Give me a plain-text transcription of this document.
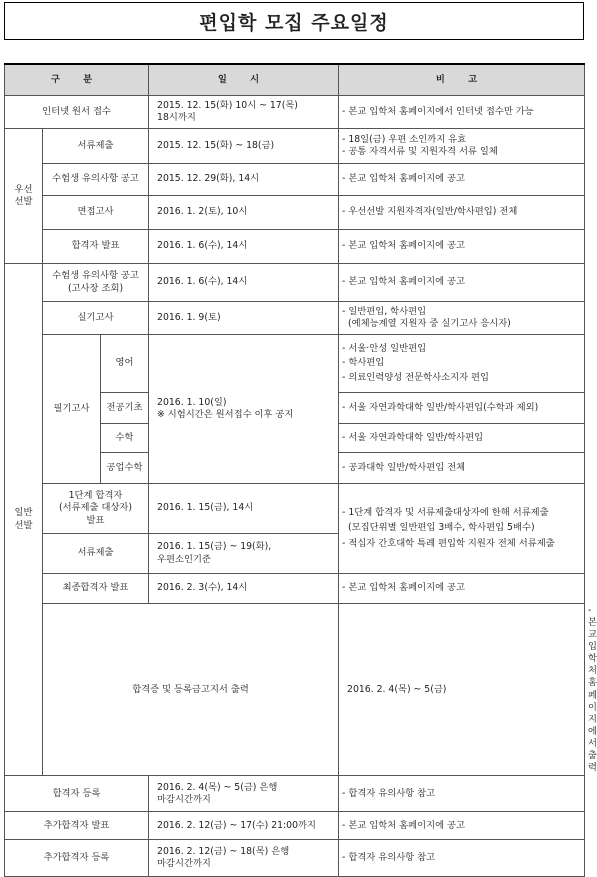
편입학 모집 주요일정
구 분			일 시	비 고	
인터넷 원서 접수			2015. 12. 15(화) 10시 ~ 17(목)
18시까지	- 본교 입학처 홈페이지에서 인터넷 접수만 가능	

우선
선발	서류제출		2015. 12. 15(화) ~ 18(금)	- 18일(금) 우편 소인까지 유효
- 공통 자격서류 및 지원자격 서류 일체	

	수험생 유의사항 공고		2015. 12. 29(화), 14시	- 본교 입학처 홈페이지에 공고	
	면접고사		2016. 1. 2(토), 10시	- 우선선발 지원자격자(일반/학사편입) 전체	
	합격자 발표		2016. 1. 6(수), 14시	- 본교 입학처 홈페이지에 공고	

일반
선발	수험생 유의사항 공고
(고사장 조회)		2016. 1. 6(수), 14시	- 본교 입학처 홈페이지에 공고	
	실기고사		2016. 1. 9(토)	- 일반편입, 학사편입
(예체능계열 지원자 중 실기고사 응시자)	

	필기고사	영어	2016. 1. 10(일)
※ 시험시간은 원서접수 이후 공지	- 서울·안성 일반편입
- 학사편입
- 의료인력양성 전문학사소지자 편입	

		전공기초		- 서울 자연과학대학 일반/학사편입(수학과 제외)	
		수학		- 서울 자연과학대학 일반/학사편입	
		공업수학		- 공과대학 일반/학사편입 전체	

	1단계 합격자
(서류제출 대상자)
발표		2016. 1. 15(금), 14시	- 1단계 합격자 및 서류제출대상자에 한해 서류제출
(모집단위별 일반편입 3배수, 학사편입 5배수)
- 적십자 간호대학 특례 편입학 지원자 전체 서류제출	

	서류제출		2016. 1. 15(금) ~ 19(화),
우편소인기준		

	최종합격자 발표		2016. 2. 3(수), 14시	- 본교 입학처 홈페이지에 공고	
	합격증 및 등록금고지서 출력			2016. 2. 4(목) ~ 5(금)	- 본교 입학처 홈페이지에서 출력
합격자 등록			2016. 2. 4(목) ~ 5(금) 은행
마감시간까지	- 합격자 유의사항 참고	
추가합격자 발표			2016. 2. 12(금) ~ 17(수) 21:00까지	- 본교 입학처 홈페이지에 공고	
추가합격자 등록			2016. 2. 12(금) ~ 18(목) 은행
마감시간까지	- 합격자 유의사항 참고	
